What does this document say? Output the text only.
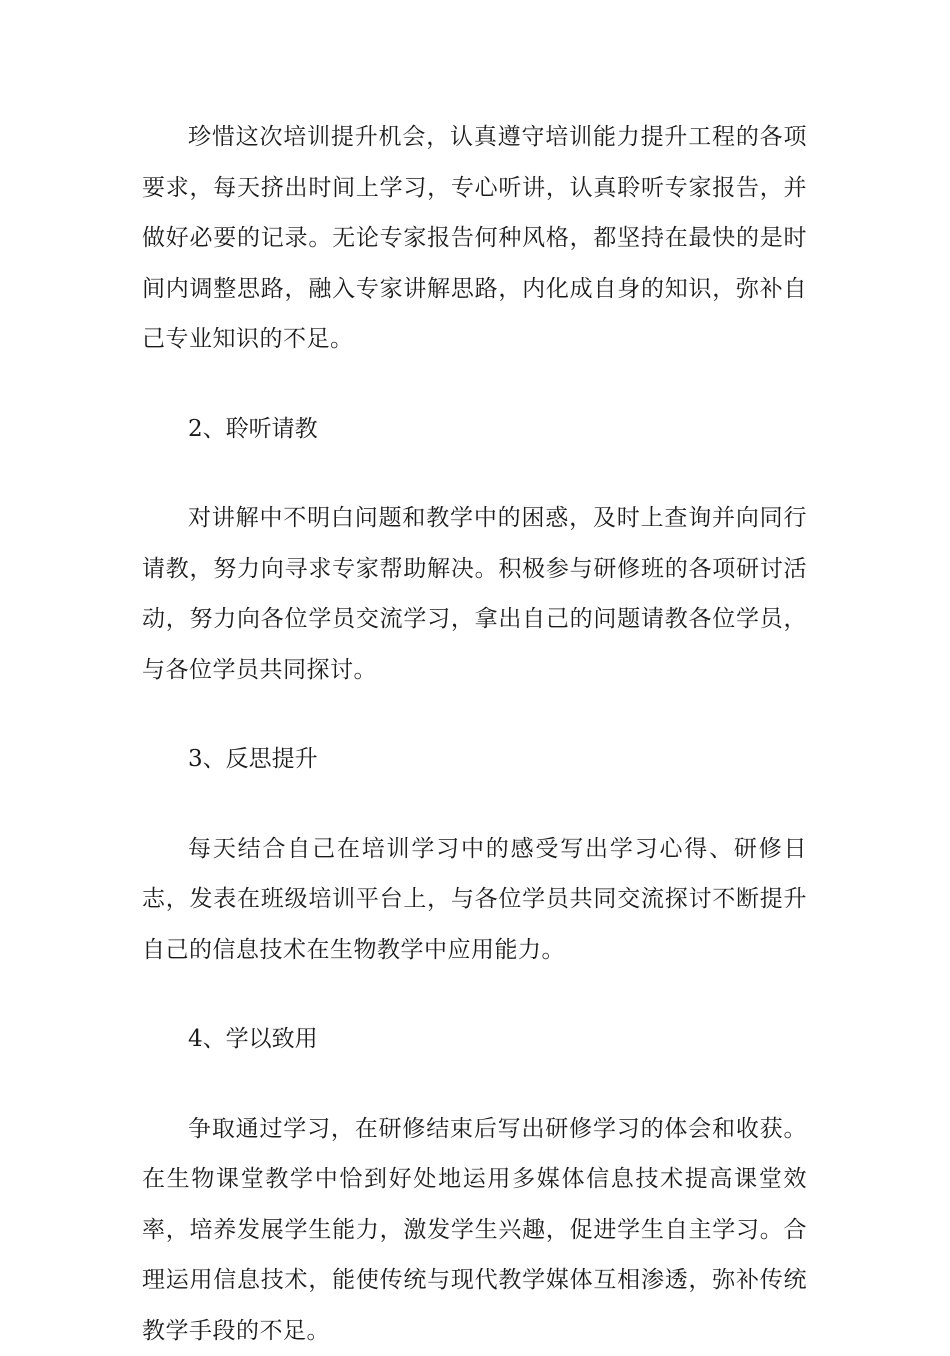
珍惜这次培训提升机会，认真遵守培训能力提升工程的各项要求，每天挤出时间上学习，专心听讲，认真聆听专家报告，并做好必要的记录。无论专家报告何种风格，都坚持在最快的是时间内调整思路，融入专家讲解思路，内化成自身的知识，弥补自己专业知识的不足。

2、聆听请教

对讲解中不明白问题和教学中的困惑，及时上查询并向同行请教，努力向寻求专家帮助解决。积极参与研修班的各项研讨活动，努力向各位学员交流学习，拿出自己的问题请教各位学员，与各位学员共同探讨。

3、反思提升

每天结合自己在培训学习中的感受写出学习心得、研修日志，发表在班级培训平台上，与各位学员共同交流探讨不断提升自己的信息技术在生物教学中应用能力。

4、学以致用

争取通过学习，在研修结束后写出研修学习的体会和收获。在生物课堂教学中恰到好处地运用多媒体信息技术提高课堂效率，培养发展学生能力，激发学生兴趣，促进学生自主学习。合理运用信息技术，能使传统与现代教学媒体互相渗透，弥补传统教学手段的不足。
